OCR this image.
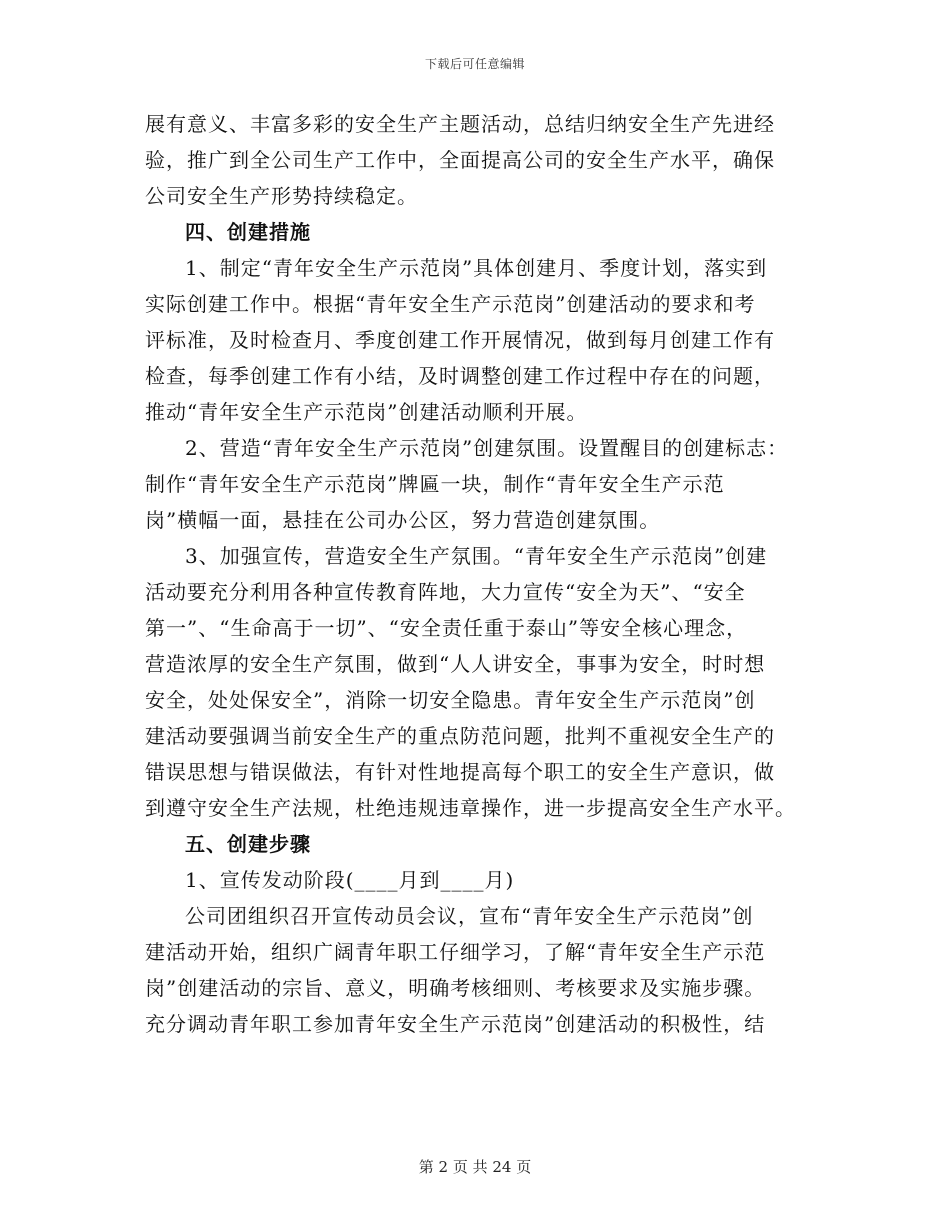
下载后可任意编辑
展有意义、丰富多彩的安全生产主题活动，总结归纳安全生产先进经
验，推广到全公司生产工作中，全面提高公司的安全生产水平，确保
公司安全生产形势持续稳定。
四、创建措施
1、制定“青年安全生产示范岗”具体创建月、季度计划，落实到
实际创建工作中。根据“青年安全生产示范岗”创建活动的要求和考
评标准，及时检查月、季度创建工作开展情况，做到每月创建工作有
检查，每季创建工作有小结，及时调整创建工作过程中存在的问题，
推动“青年安全生产示范岗”创建活动顺利开展。
2、营造“青年安全生产示范岗”创建氛围。设置醒目的创建标志：
制作“青年安全生产示范岗”牌匾一块，制作“青年安全生产示范
岗”横幅一面，悬挂在公司办公区，努力营造创建氛围。
3、加强宣传，营造安全生产氛围。“青年安全生产示范岗”创建
活动要充分利用各种宣传教育阵地，大力宣传“安全为天”、“安全
第一”、“生命高于一切”、“安全责任重于泰山”等安全核心理念，
营造浓厚的安全生产氛围，做到“人人讲安全，事事为安全，时时想
安全，处处保安全”，消除一切安全隐患。青年安全生产示范岗”创
建活动要强调当前安全生产的重点防范问题，批判不重视安全生产的
错误思想与错误做法，有针对性地提高每个职工的安全生产意识，做
到遵守安全生产法规，杜绝违规违章操作，进一步提高安全生产水平。
五、创建步骤
1、宣传发动阶段(____月到____月)
公司团组织召开宣传动员会议，宣布“青年安全生产示范岗”创
建活动开始，组织广阔青年职工仔细学习，了解“青年安全生产示范
岗”创建活动的宗旨、意义，明确考核细则、考核要求及实施步骤。
充分调动青年职工参加青年安全生产示范岗”创建活动的积极性，结
第 2 页 共 24 页
